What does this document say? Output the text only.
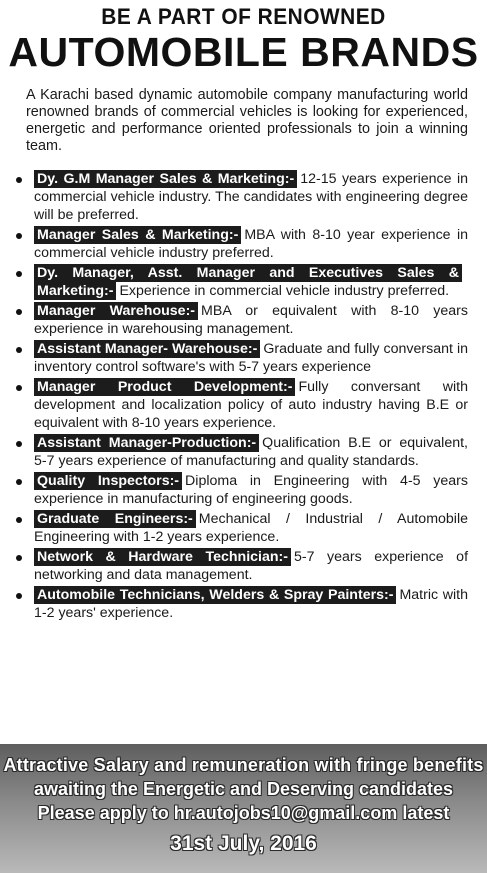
BE A PART OF RENOWNED
AUTOMOBILE BRANDS
A Karachi based dynamic automobile company manufacturing world renowned brands of commercial vehicles is looking for experienced, energetic and performance oriented professionals to join a winning team.
Dy. G.M Manager Sales & Marketing:- 12-15 years experience in commercial vehicle industry. The candidates with engineering degree will be preferred.
Manager Sales & Marketing:- MBA with 8-10 year experience in commercial vehicle industry preferred.
Dy. Manager, Asst. Manager and Executives Sales & Marketing:- Experience in commercial vehicle industry preferred.
Manager Warehouse:- MBA or equivalent with 8-10 years experience in warehousing management.
Assistant Manager- Warehouse:- Graduate and fully conversant in inventory control software's with 5-7 years experience
Manager Product Development:- Fully conversant with development and localization policy of auto industry having B.E or equivalent with 8-10 years experience.
Assistant Manager-Production:- Qualification B.E or equivalent, 5-7 years experience of manufacturing and quality standards.
Quality Inspectors:- Diploma in Engineering with 4-5 years experience in manufacturing of engineering goods.
Graduate Engineers:- Mechanical / Industrial / Automobile Engineering with 1-2 years experience.
Network & Hardware Technician:- 5-7 years experience of networking and data management.
Automobile Technicians, Welders & Spray Painters:- Matric with 1-2 years' experience.
Attractive Salary and remuneration with fringe benefits
awaiting the Energetic and Deserving candidates
Please apply to hr.autojobs10@gmail.com latest
31st July, 2016
